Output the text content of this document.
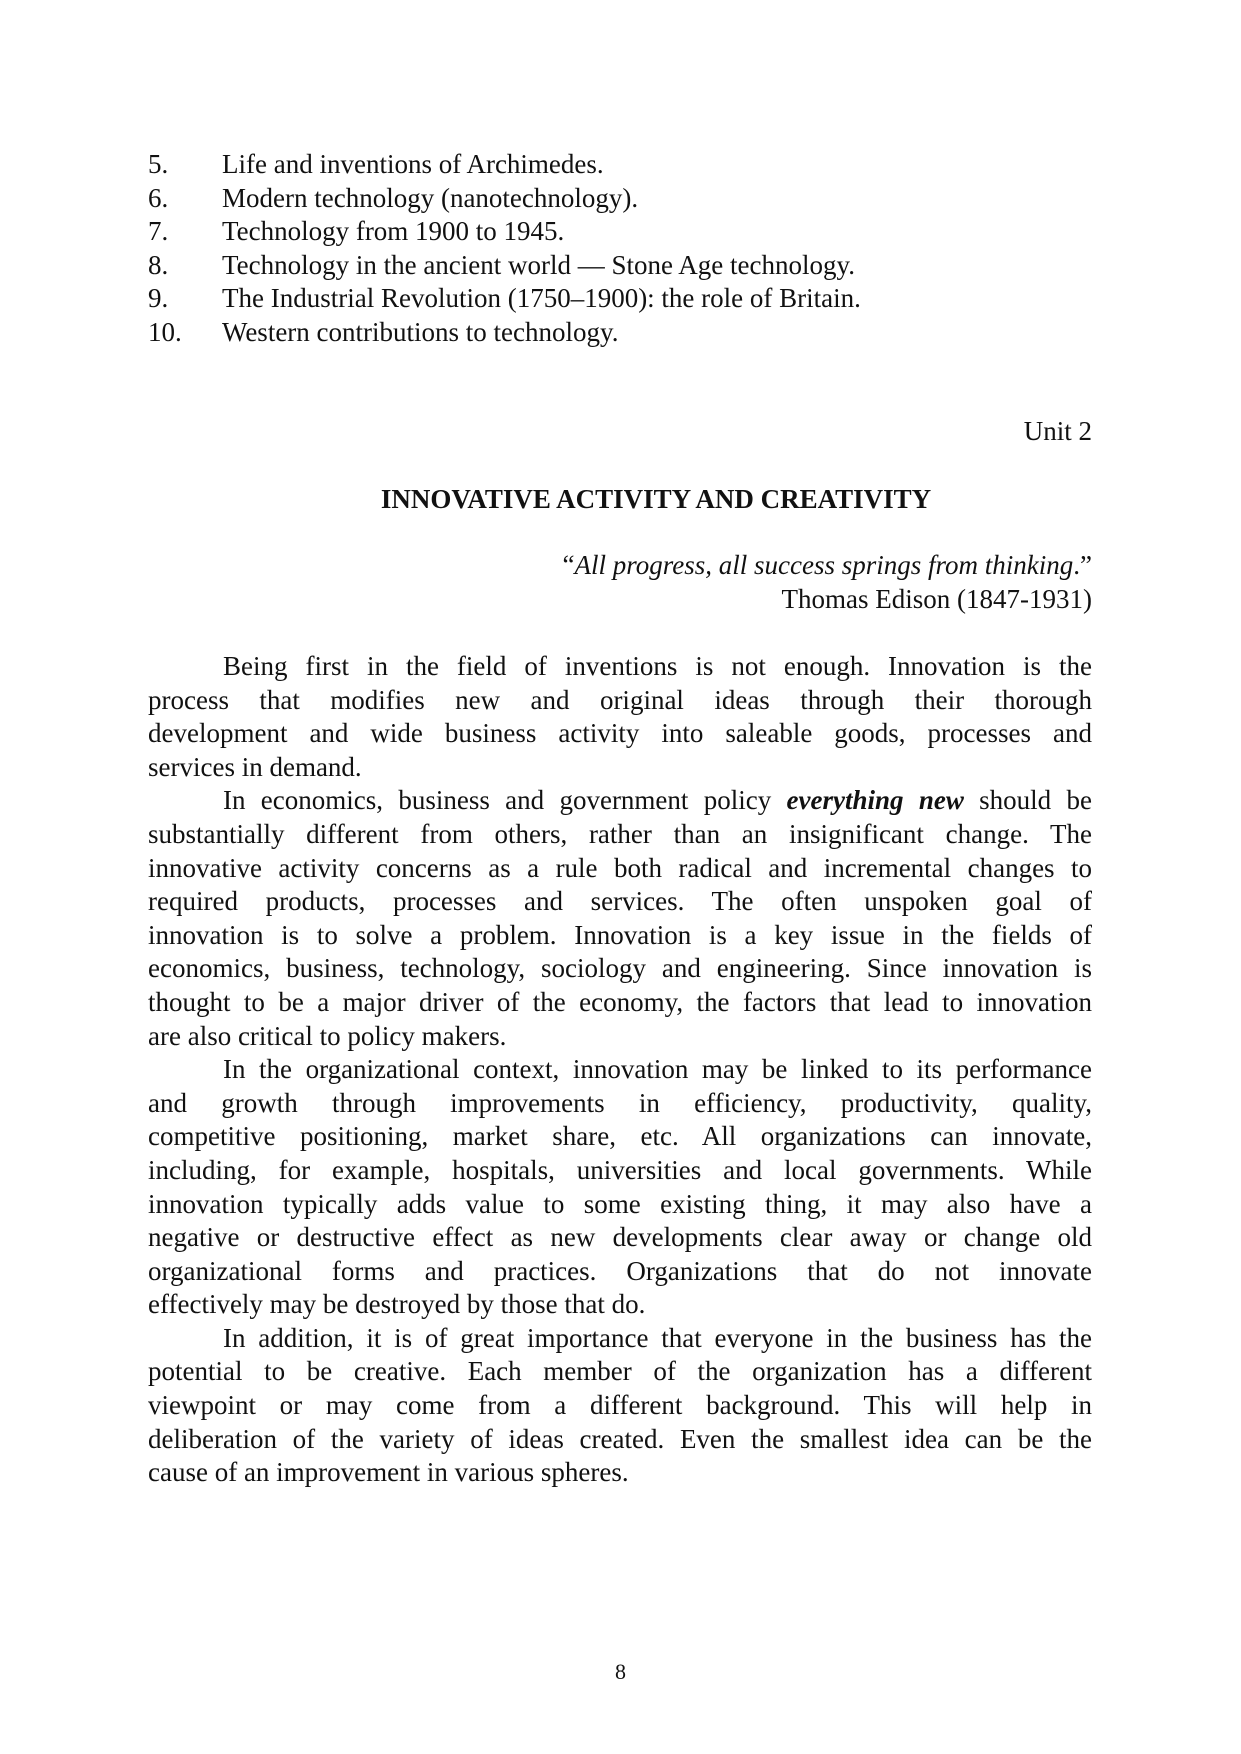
5. Life and inventions of Archimedes.
6. Modern technology (nanotechnology).
7. Technology from 1900 to 1945.
8. Technology in the ancient world — Stone Age technology.
9. The Industrial Revolution (1750–1900): the role of Britain.
10. Western contributions to technology.
Unit 2
INNOVATIVE ACTIVITY AND CREATIVITY
“All progress, all success springs from thinking.”
Thomas Edison (1847-1931)
Being first in the field of inventions is not enough. Innovation is the
process that modifies new and original ideas through their thorough
development and wide business activity into saleable goods, processes and
services in demand.
In economics, business and government policy everything new should be
substantially different from others, rather than an insignificant change. The
innovative activity concerns as a rule both radical and incremental changes to
required products, processes and services. The often unspoken goal of
innovation is to solve a problem. Innovation is a key issue in the fields of
economics, business, technology, sociology and engineering. Since innovation is
thought to be a major driver of the economy, the factors that lead to innovation
are also critical to policy makers.
In the organizational context, innovation may be linked to its performance
and growth through improvements in efficiency, productivity, quality,
competitive positioning, market share, etc. All organizations can innovate,
including, for example, hospitals, universities and local governments. While
innovation typically adds value to some existing thing, it may also have a
negative or destructive effect as new developments clear away or change old
organizational forms and practices. Organizations that do not innovate
effectively may be destroyed by those that do.
In addition, it is of great importance that everyone in the business has the
potential to be creative. Each member of the organization has a different
viewpoint or may come from a different background. This will help in
deliberation of the variety of ideas created. Even the smallest idea can be the
cause of an improvement in various spheres.
8
